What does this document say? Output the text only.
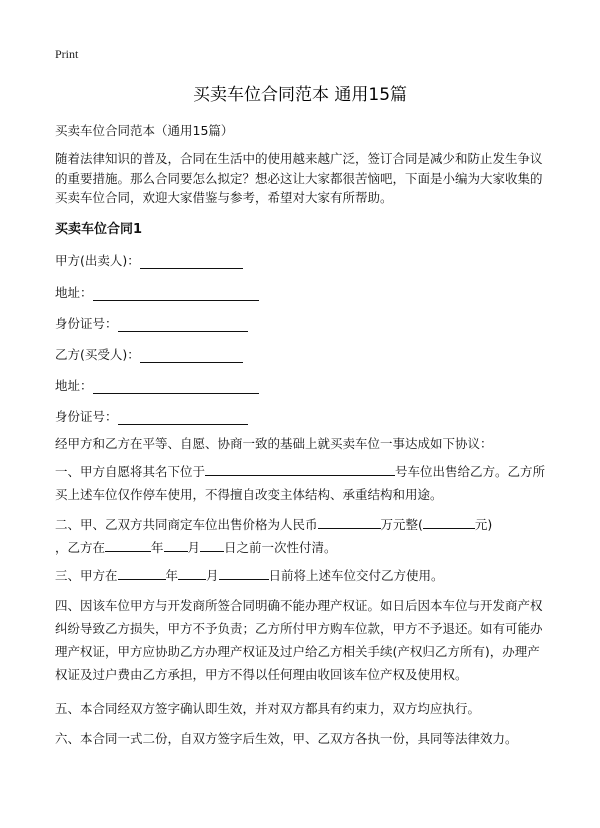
Print
买卖车位合同范本 通用15篇
买卖车位合同范本（通用15篇）
随着法律知识的普及，合同在生活中的使用越来越广泛，签订合同是减少和防止发生争议的重要措施。那么合同要怎么拟定？想必这让大家都很苦恼吧，下面是小编为大家收集的买卖车位合同，欢迎大家借鉴与参考，希望对大家有所帮助。
买卖车位合同1
甲方(出卖人)：
地址：
身份证号：
乙方(买受人)：
地址：
身份证号：
经甲方和乙方在平等、自愿、协商一致的基础上就买卖车位一事达成如下协议：
一、甲方自愿将其名下位于	号车位出售给乙方。乙方所买上述车位仅作停车使用，不得擅自改变主体结构、承重结构和用途。
二、甲、乙双方共同商定车位出售价格为人民币	万元整(	元)
，乙方在	年 月 日之前一次性付清。
三、甲方在	年 月	日前将上述车位交付乙方使用。
四、因该车位甲方与开发商所签合同明确不能办理产权证。如日后因本车位与开发商产权纠纷导致乙方损失，甲方不予负责；乙方所付甲方购车位款，甲方不予退还。如有可能办理产权证，甲方应协助乙方办理产权证及过户给乙方相关手续(产权归乙方所有)，办理产权证及过户费由乙方承担，甲方不得以任何理由收回该车位产权及使用权。
五、本合同经双方签字确认即生效，并对双方都具有约束力，双方均应执行。
六、本合同一式二份，自双方签字后生效，甲、乙双方各执一份，具同等法律效力。
